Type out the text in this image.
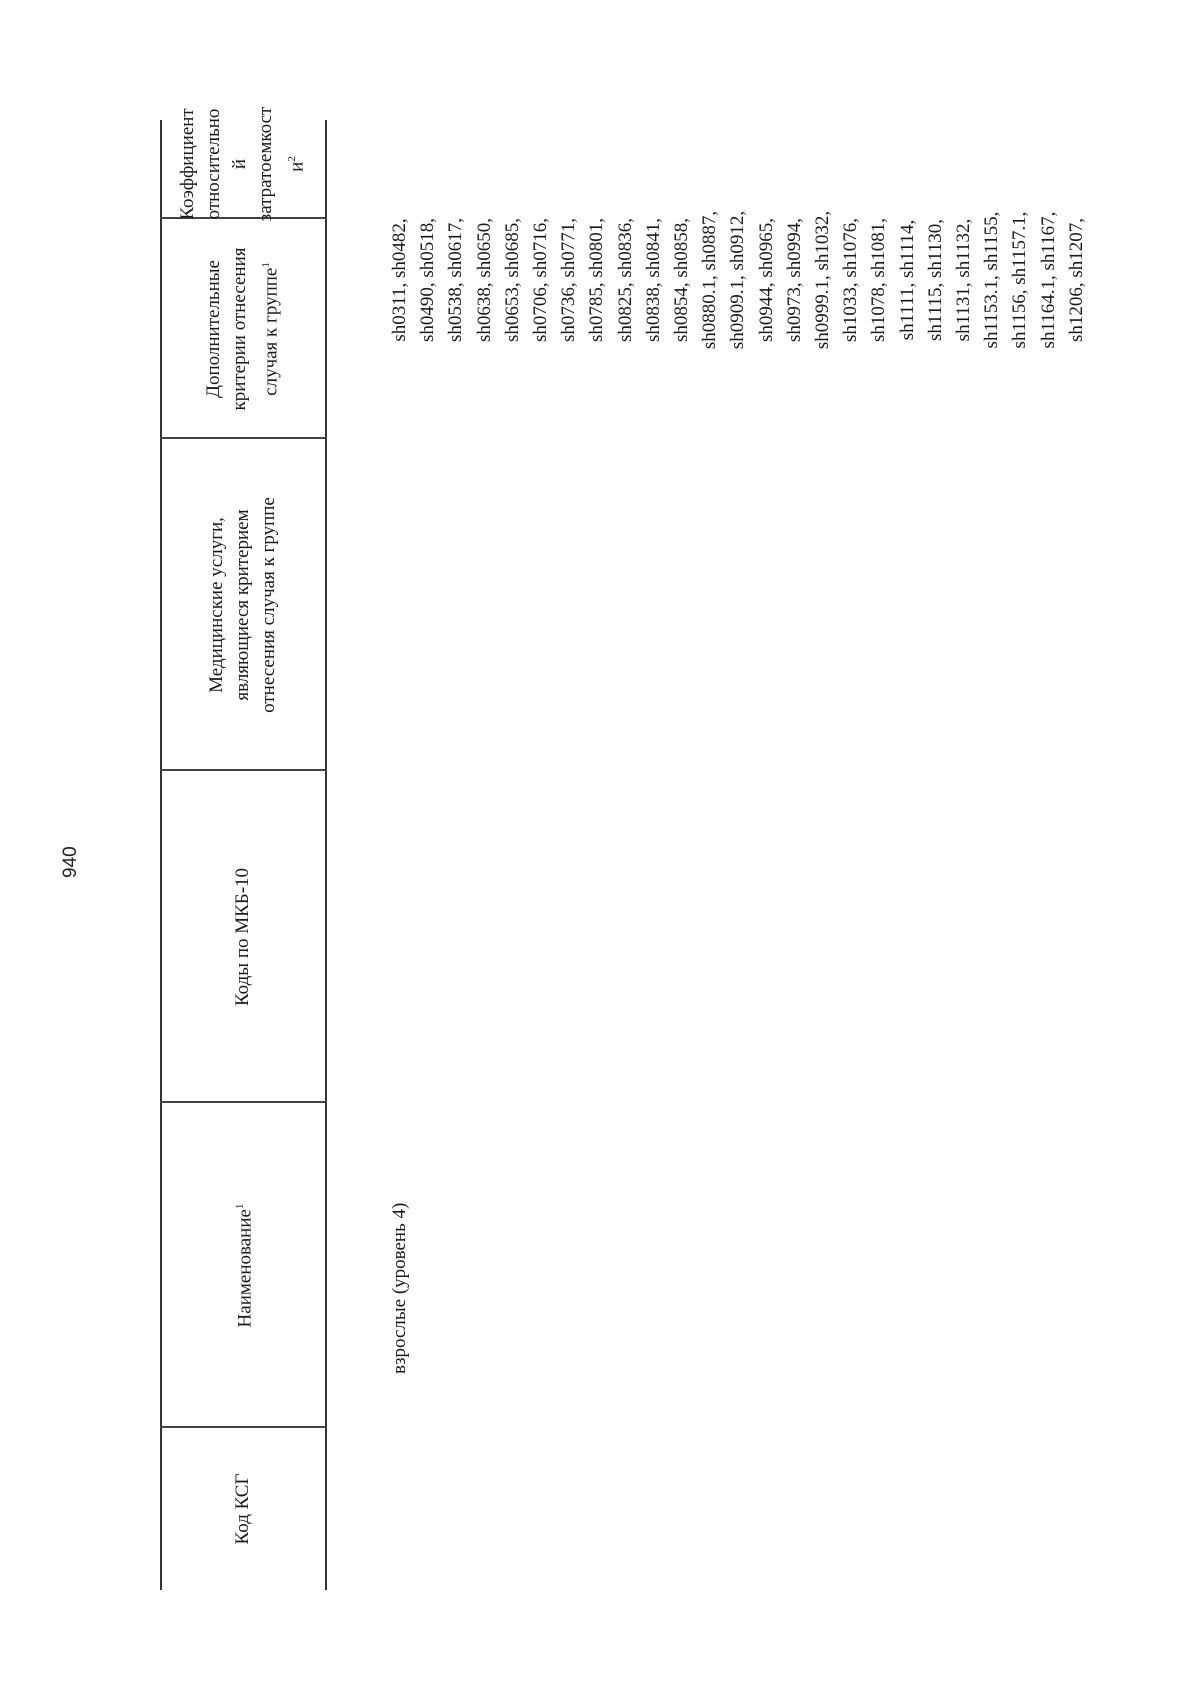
940
Код КСГ
Наименование$^1$
Коды по МКБ-10
Медицинские услуги, являющиеся критерием отнесения случая к группе
Дополнительные критерии отнесения случая к группе$^1$
Коэффициент относительно й затратоемкост $и^2$
взрослые (уровень 4)
sh0311, sh0482, sh0490, sh0518, sh0538, sh0617, sh0638, sh0650, sh0653, sh0685, sh0706, sh0716, sh0736, sh0771, sh0785, sh0801, sh0825, sh0836, sh0838, sh0841, sh0854, sh0858, sh0880.1, sh0887, sh0909.1, sh0912, sh0944, sh0965, sh0973, sh0994, sh0999.1, sh1032, sh1033, sh1076, sh1078, sh1081, sh1111, sh1114, sh1115, sh1130, sh1131, sh1132, sh1153.1, sh1155, sh1156, sh1157.1, sh1164.1, sh1167, sh1206, sh1207,
